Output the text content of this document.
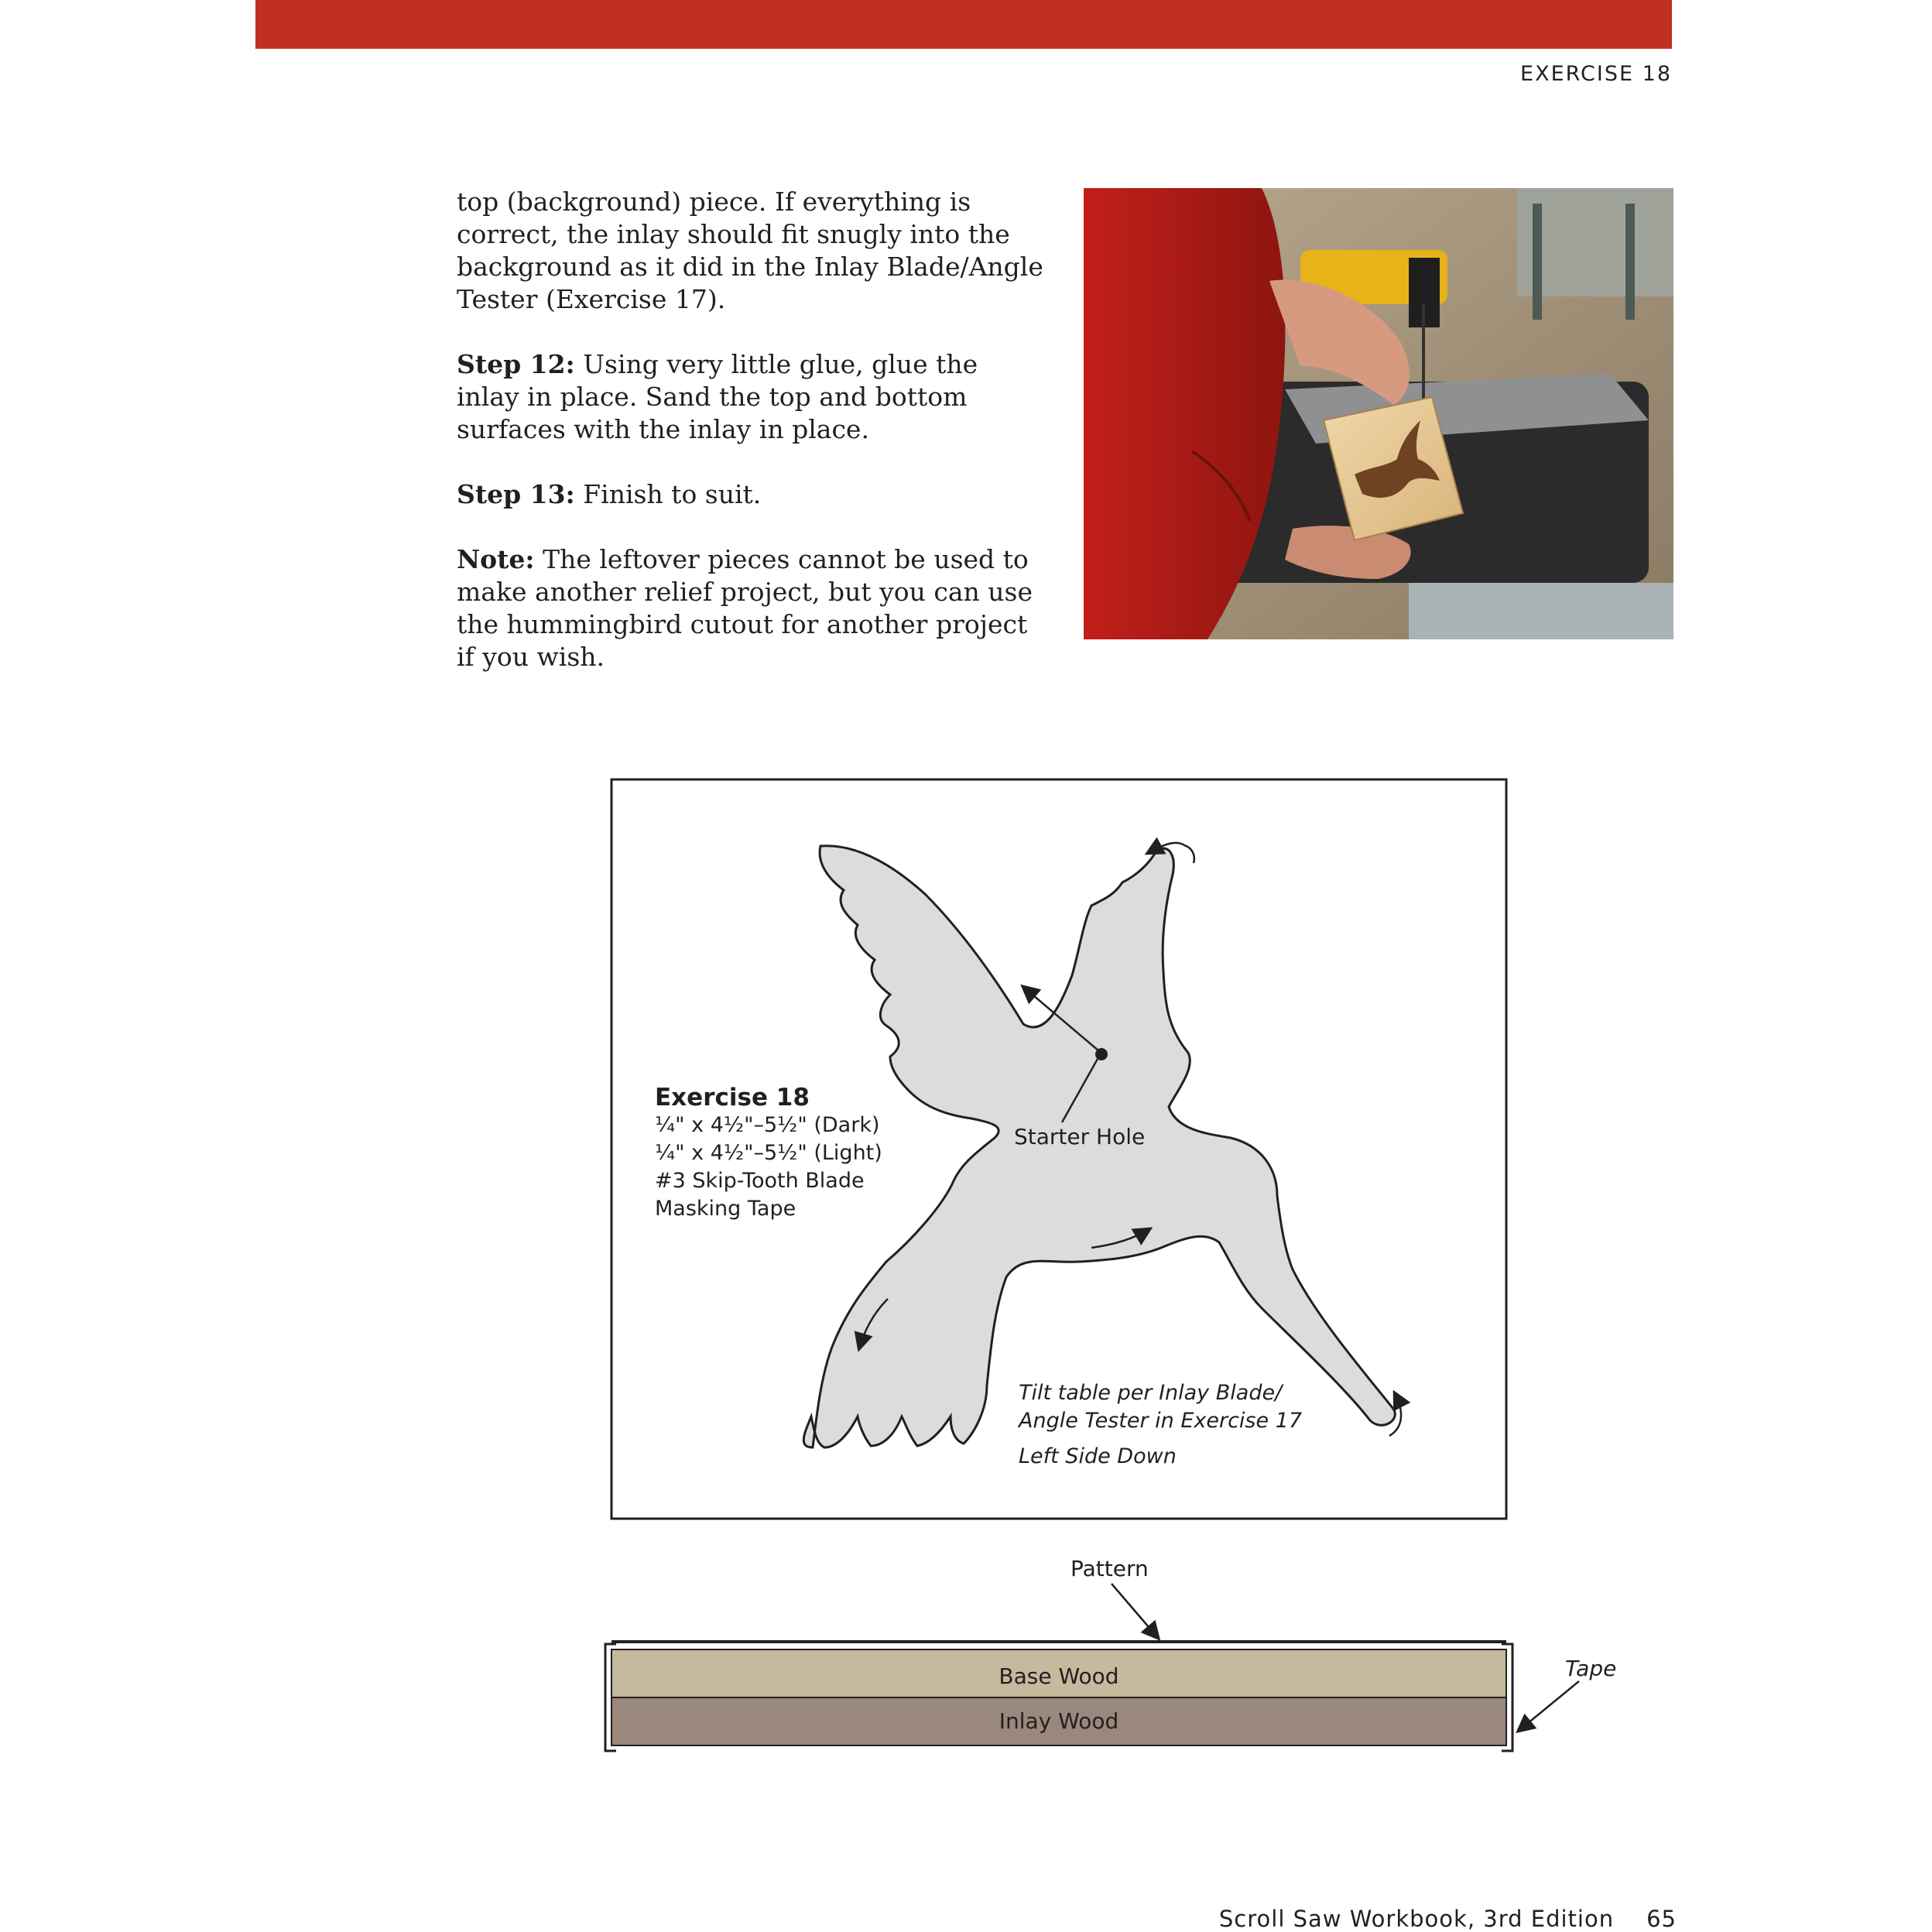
EXERCISE 18

top (background) piece. If everything is correct, the inlay should fit snugly into the background as it did in the Inlay Blade/Angle Tester (Exercise 17).

Step 12: Using very little glue, glue the inlay in place. Sand the top and bottom surfaces with the inlay in place.

Step 13: Finish to suit.

Note: The leftover pieces cannot be used to make another relief project, but you can use the hummingbird cutout for another project if you wish.

Exercise 18
¼" x 4½"–5½" (Dark)
¼" x 4½"–5½" (Light)
#3 Skip-Tooth Blade
Masking Tape
Starter Hole
Tilt table per Inlay Blade/
Angle Tester in Exercise 17
Left Side Down
Pattern
Base Wood
Inlay Wood
Tape
Scroll Saw Workbook, 3rd Edition 65
